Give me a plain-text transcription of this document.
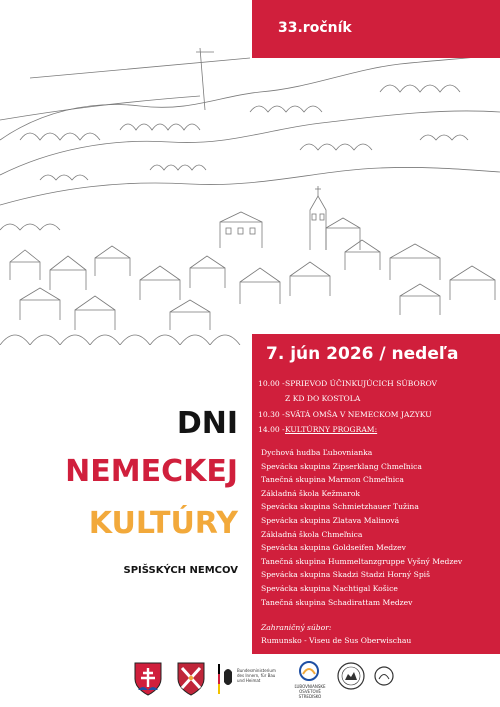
33.ročník
DNI
NEMECKEJ
KULTÚRY
SPIŠSKÝCH NEMCOV
7. jún 2026 / nedeľa
10.00 -SPRIEVOD ÚČINKUJÚCICH SÚBOROV
Z KD DO KOSTOLA
10.30 -SVÄTÁ OMŠA V NEMECKOM JAZYKU
14.00 -KULTÚRNY PROGRAM:
Dychová hudba Ľubovnianka
Spevácka skupina Zipserklang Chmeľnica
Tanečná skupina Marmon Chmeľnica
Základná škola Kežmarok
Spevácka skupina Schmietzhauer Tužina
Spevácka skupina Zlatava Malinová
Základná škola Chmeľnica
Spevácka skupina Goldseifen Medzev
Tanečná skupina Hummeltanzgruppe Vyšný Medzev
Spevácka skupina Skadzi Stadzi Horný Spiš
Spevácka skupina Nachtigal Košice
Tanečná skupina Schadirattam Medzev
Zahraničný súbor:
Rumunsko - Viseu de Sus Oberwischau
Bundesministerium
des Innern, für Bau
und Heimat
ĽUBOVNIANSKE
OSVETOVÉ
STREDISKO
